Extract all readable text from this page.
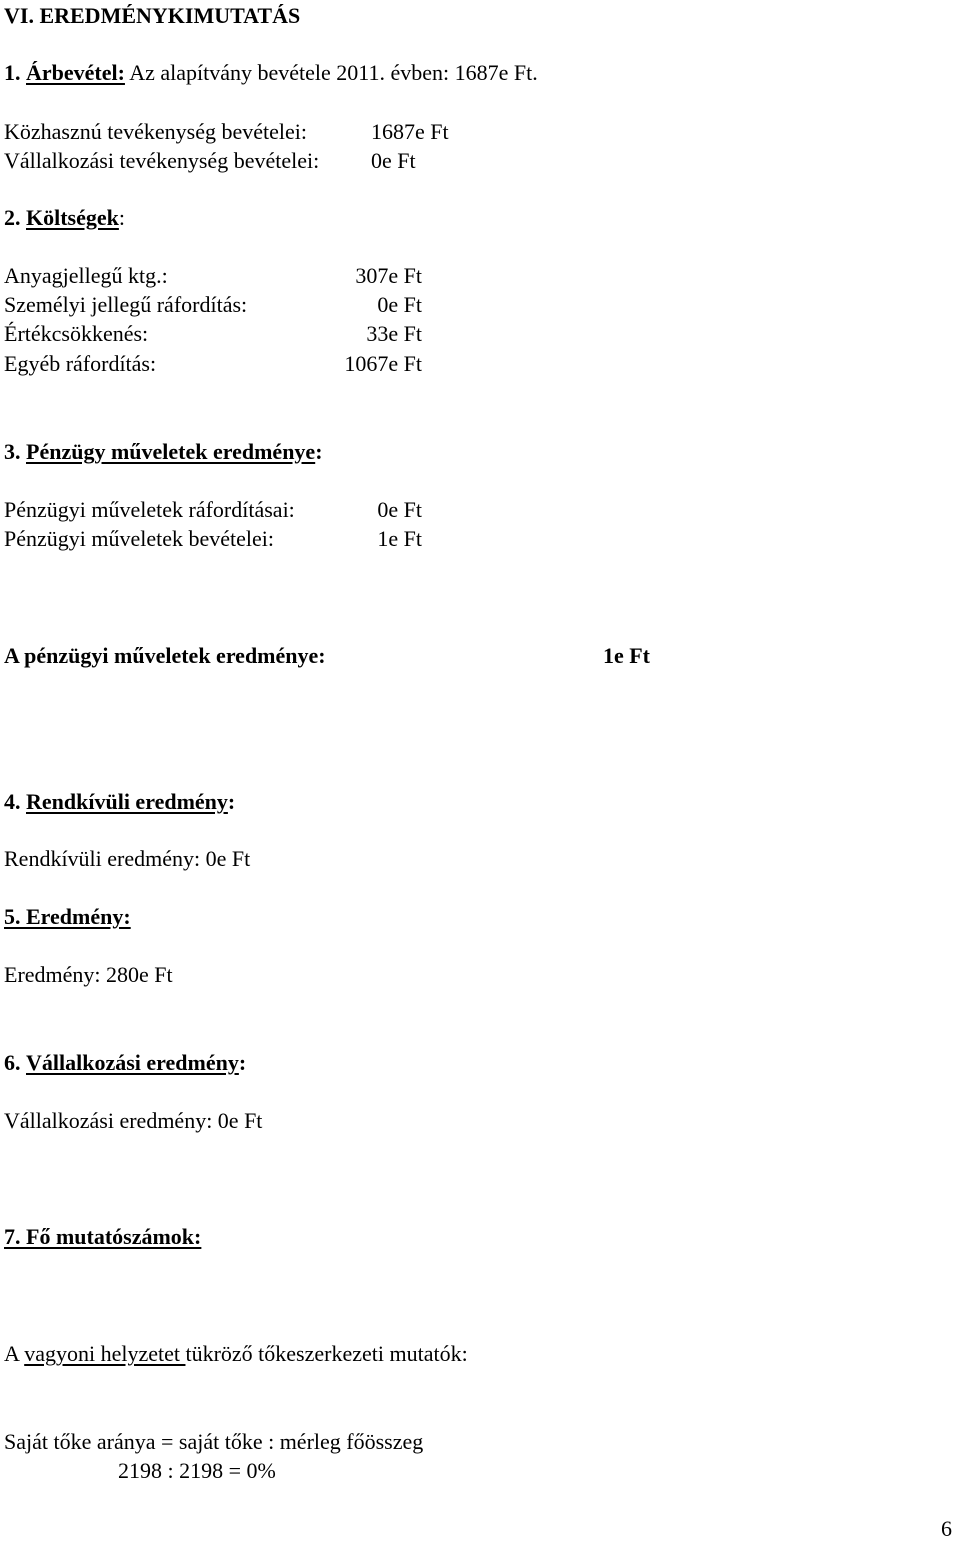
VI. EREDMÉNYKIMUTATÁS
1. Árbevétel: Az alapítvány bevétele 2011. évben: 1687e Ft.
Közhasznú tevékenység bevételei:	1687e Ft
Vállalkozási tevékenység bevételei: 0e Ft
2. Költségek:
Anyagjellegű ktg.:	307e Ft
Személyi jellegű ráfordítás:	0e Ft
Értékcsökkenés:	33e Ft
Egyéb ráfordítás:	1067e Ft
3. Pénzügy műveletek eredménye:
Pénzügyi műveletek ráfordításai:	0e Ft
Pénzügyi műveletek bevételei:	1e Ft
A pénzügyi műveletek eredménye:	1e Ft
4. Rendkívüli eredmény:
Rendkívüli eredmény: 0e Ft
5. Eredmény:
Eredmény: 280e Ft
6. Vállalkozási eredmény:
Vállalkozási eredmény: 0e Ft
7. Fő mutatószámok:
A vagyoni helyzetet tükröző tőkeszerkezeti mutatók:
Saját tőke aránya = saját tőke : mérleg főösszeg
2198 : 2198 = 0%
6
